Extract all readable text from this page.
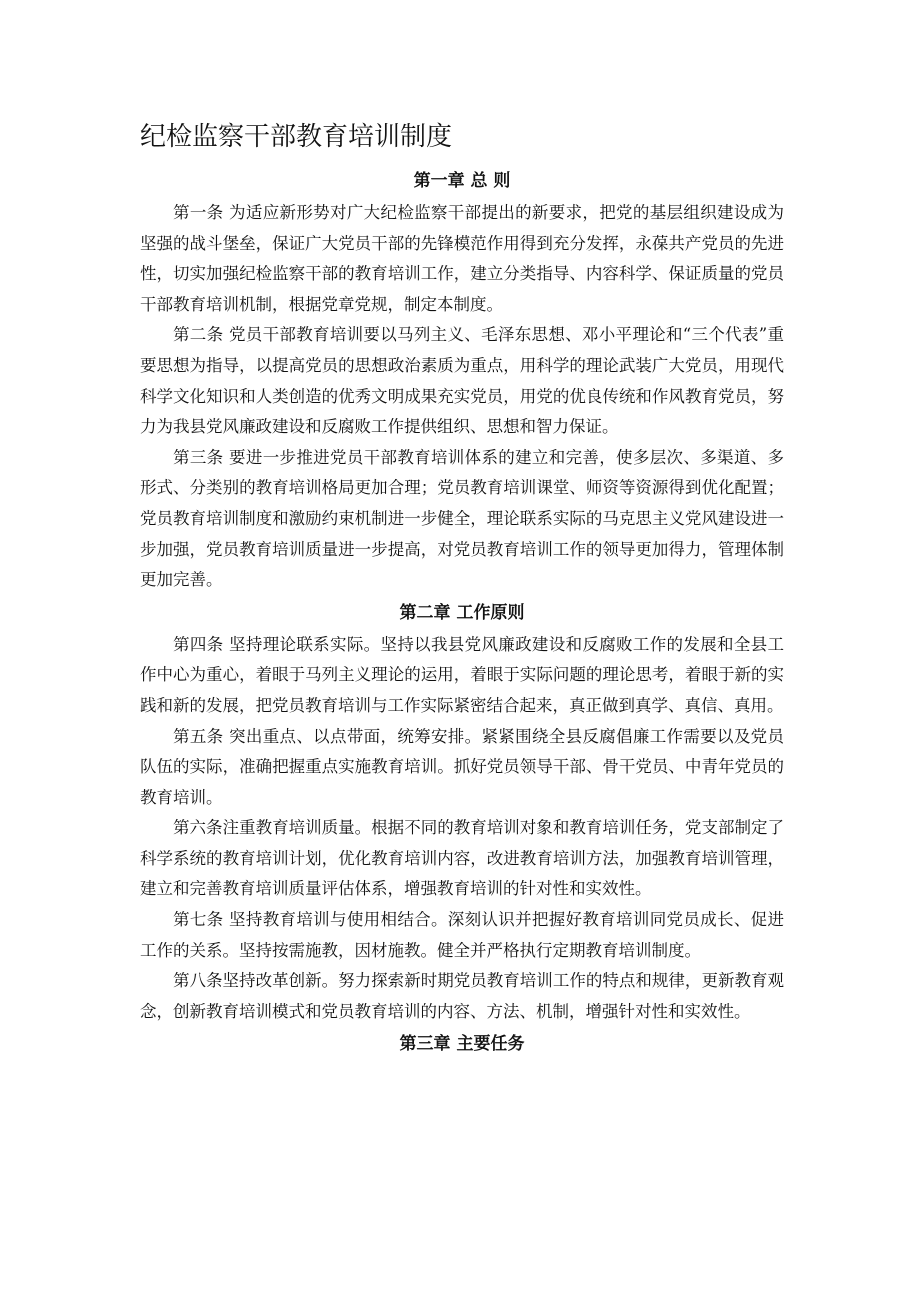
纪检监察干部教育培训制度
第一章 总 则

第一条 为适应新形势对广大纪检监察干部提出的新要求，把党的基层组织建设成为坚强的战斗堡垒，保证广大党员干部的先锋模范作用得到充分发挥，永葆共产党员的先进性，切实加强纪检监察干部的教育培训工作，建立分类指导、内容科学、保证质量的党员干部教育培训机制，根据党章党规，制定本制度。

第二条 党员干部教育培训要以马列主义、毛泽东思想、邓小平理论和“三个代表”重要思想为指导，以提高党员的思想政治素质为重点，用科学的理论武装广大党员，用现代科学文化知识和人类创造的优秀文明成果充实党员，用党的优良传统和作风教育党员，努力为我县党风廉政建设和反腐败工作提供组织、思想和智力保证。

第三条 要进一步推进党员干部教育培训体系的建立和完善，使多层次、多渠道、多形式、分类别的教育培训格局更加合理；党员教育培训课堂、师资等资源得到优化配置；党员教育培训制度和激励约束机制进一步健全，理论联系实际的马克思主义党风建设进一步加强，党员教育培训质量进一步提高，对党员教育培训工作的领导更加得力，管理体制更加完善。

第二章 工作原则

第四条 坚持理论联系实际。坚持以我县党风廉政建设和反腐败工作的发展和全县工作中心为重心，着眼于马列主义理论的运用，着眼于实际问题的理论思考，着眼于新的实践和新的发展，把党员教育培训与工作实际紧密结合起来，真正做到真学、真信、真用。

第五条 突出重点、以点带面，统筹安排。紧紧围绕全县反腐倡廉工作需要以及党员队伍的实际，准确把握重点实施教育培训。抓好党员领导干部、骨干党员、中青年党员的教育培训。

第六条注重教育培训质量。根据不同的教育培训对象和教育培训任务，党支部制定了科学系统的教育培训计划，优化教育培训内容，改进教育培训方法，加强教育培训管理，建立和完善教育培训质量评估体系，增强教育培训的针对性和实效性。

第七条 坚持教育培训与使用相结合。深刻认识并把握好教育培训同党员成长、促进工作的关系。坚持按需施教，因材施教。健全并严格执行定期教育培训制度。

第八条坚持改革创新。努力探索新时期党员教育培训工作的特点和规律，更新教育观念，创新教育培训模式和党员教育培训的内容、方法、机制，增强针对性和实效性。

第三章 主要任务
